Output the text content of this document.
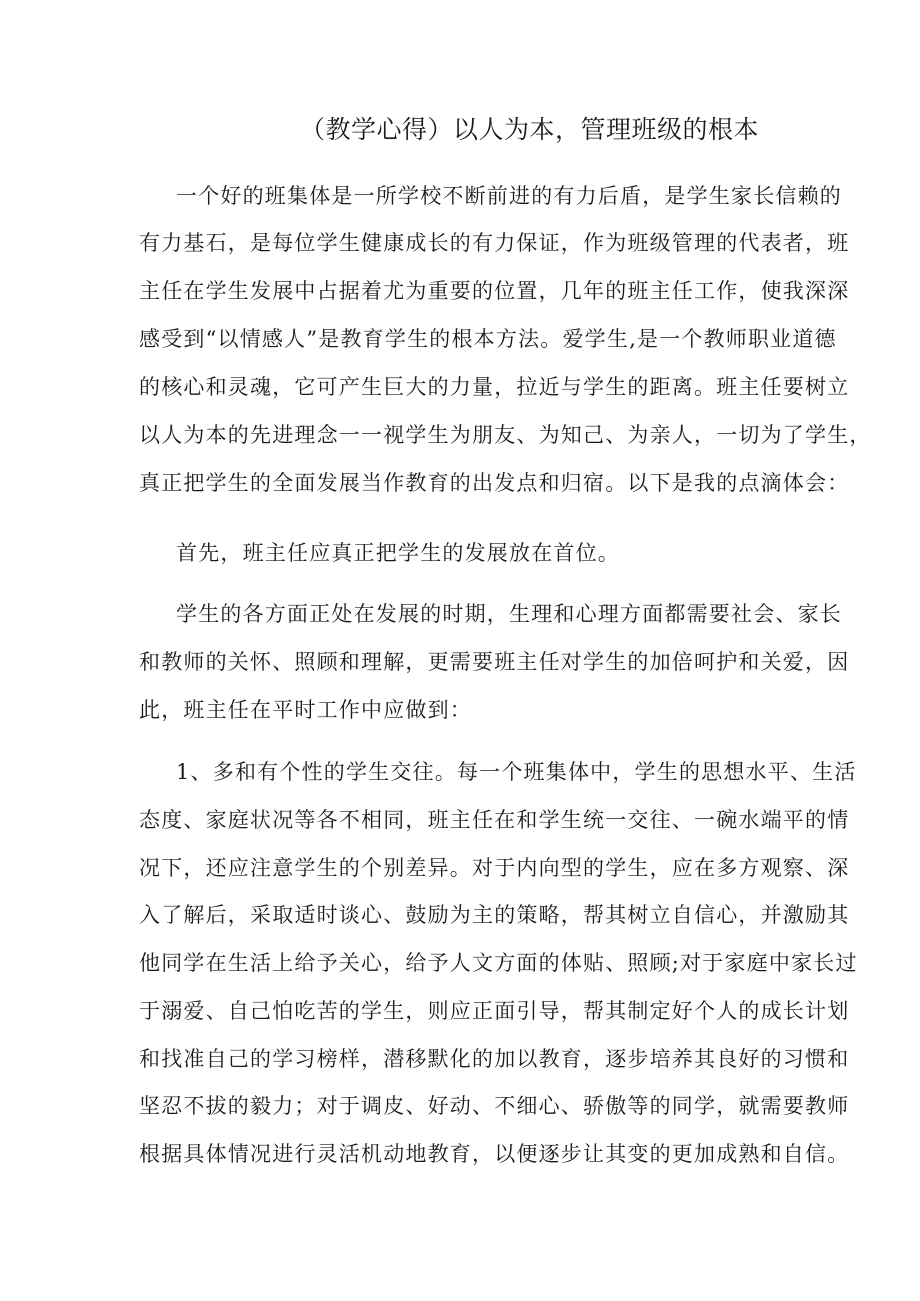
（教学心得）以人为本，管理班级的根本
一个好的班集体是一所学校不断前进的有力后盾，是学生家长信赖的
有力基石，是每位学生健康成长的有力保证，作为班级管理的代表者，班
主任在学生发展中占据着尤为重要的位置，几年的班主任工作，使我深深
感受到“以情感人”是教育学生的根本方法。爱学生,是一个教师职业道德
的核心和灵魂，它可产生巨大的力量，拉近与学生的距离。班主任要树立
以人为本的先进理念一一视学生为朋友、为知己、为亲人，一切为了学生，
真正把学生的全面发展当作教育的出发点和归宿。以下是我的点滴体会：
首先，班主任应真正把学生的发展放在首位。
学生的各方面正处在发展的时期，生理和心理方面都需要社会、家长
和教师的关怀、照顾和理解，更需要班主任对学生的加倍呵护和关爱，因
此，班主任在平时工作中应做到：
1、多和有个性的学生交往。每一个班集体中，学生的思想水平、生活
态度、家庭状况等各不相同，班主任在和学生统一交往、一碗水端平的情
况下，还应注意学生的个别差异。对于内向型的学生，应在多方观察、深
入了解后，采取适时谈心、鼓励为主的策略，帮其树立自信心，并激励其
他同学在生活上给予关心，给予人文方面的体贴、照顾;对于家庭中家长过
于溺爱、自己怕吃苦的学生，则应正面引导，帮其制定好个人的成长计划
和找准自己的学习榜样，潜移默化的加以教育，逐步培养其良好的习惯和
坚忍不拔的毅力；对于调皮、好动、不细心、骄傲等的同学，就需要教师
根据具体情况进行灵活机动地教育，以便逐步让其变的更加成熟和自信。
